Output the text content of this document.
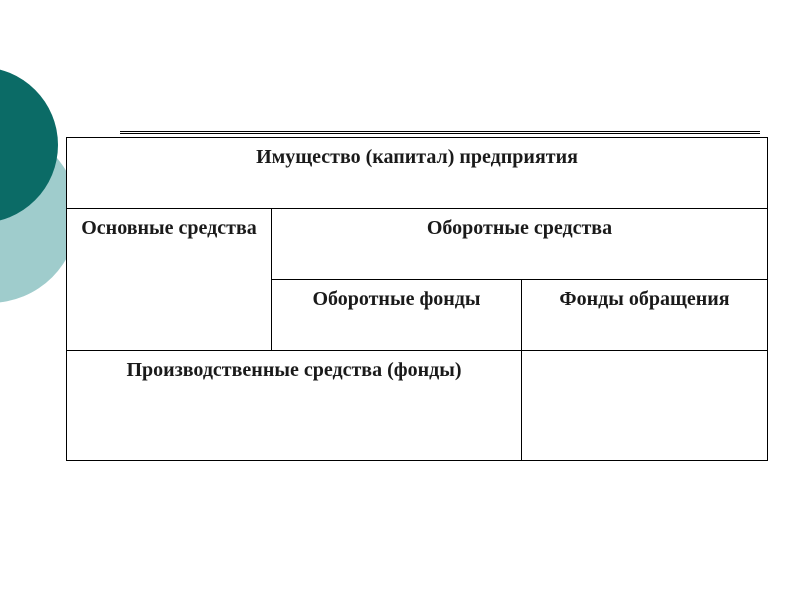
Имущество (капитал) предприятия		

Основные средства	Оборотные средства	

	Оборотные фонды	Фонды обращения

Производственные средства (фонды)		
